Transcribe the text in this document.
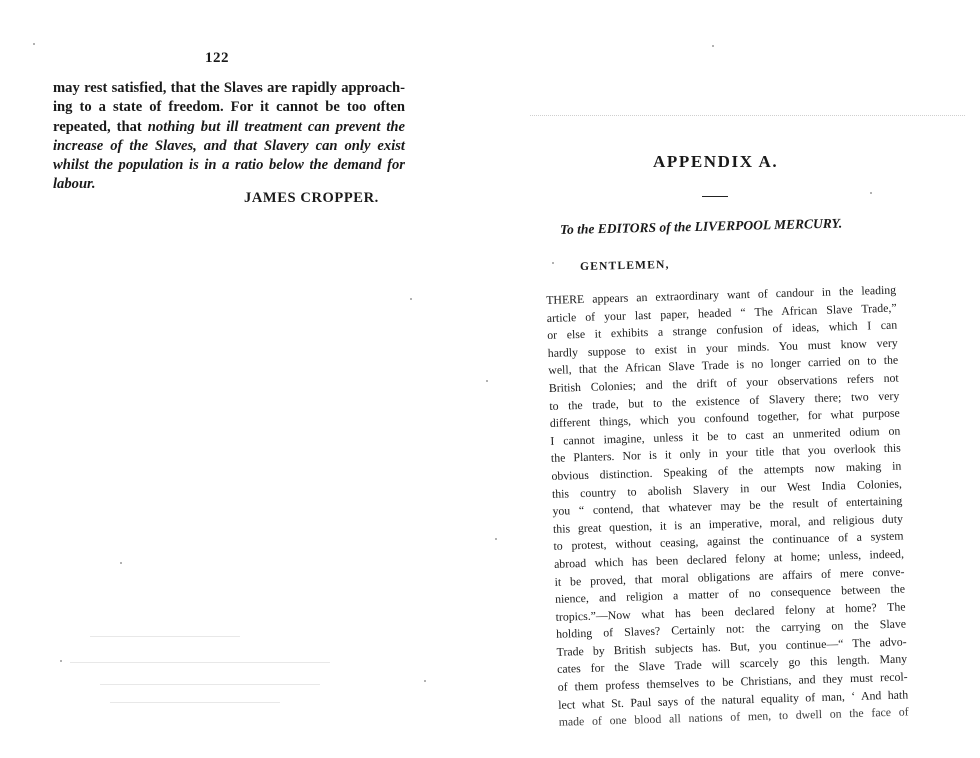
122
may rest satisfied, that the Slaves are rapidly approach-
ing to a state of freedom. For it cannot be too often
repeated, that nothing but ill treatment can prevent the
increase of the Slaves, and that Slavery can only exist
whilst the population is in a ratio below the demand for
labour.
JAMES CROPPER.
APPENDIX A.
To the EDITORS of the LIVERPOOL MERCURY.
GENTLEMEN,
THERE appears an extraordinary want of candour in the leading
article of your last paper, headed “ The African Slave Trade,”
or else it exhibits a strange confusion of ideas, which I can
hardly suppose to exist in your minds. You must know very
well, that the African Slave Trade is no longer carried on to the
British Colonies; and the drift of your observations refers not
to the trade, but to the existence of Slavery there; two very
different things, which you confound together, for what purpose
I cannot imagine, unless it be to cast an unmerited odium on
the Planters. Nor is it only in your title that you overlook this
obvious distinction. Speaking of the attempts now making in
this country to abolish Slavery in our West India Colonies,
you “ contend, that whatever may be the result of entertaining
this great question, it is an imperative, moral, and religious duty
to protest, without ceasing, against the continuance of a system
abroad which has been declared felony at home; unless, indeed,
it be proved, that moral obligations are affairs of mere conve-
nience, and religion a matter of no consequence between the
tropics.”—Now what has been declared felony at home? The
holding of Slaves? Certainly not: the carrying on the Slave
Trade by British subjects has. But, you continue—“ The advo-
cates for the Slave Trade will scarcely go this length. Many
of them profess themselves to be Christians, and they must recol-
lect what St. Paul says of the natural equality of man, ‘ And hath
made of one blood all nations of men, to dwell on the face of
